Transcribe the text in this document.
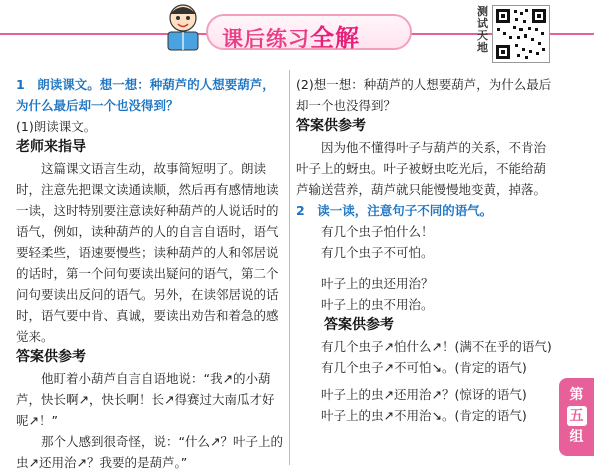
课后练习全解
测试天地

1　朗读课文。想一想：种葫芦的人想要葫芦，为什么最后却一个也没得到？

(1)朗读课文。

老师来指导

这篇课文语言生动，故事简短明了。朗读时，注意先把课文读通读顺，然后再有感情地读一读，这时特别要注意读好种葫芦的人说话时的语气，例如，读种葫芦的人的自言自语时，语气要轻柔些，语速要慢些；读种葫芦的人和邻居说的话时，第一个问句要读出疑问的语气，第二个问句要读出反问的语气。另外，在读邻居说的话时，语气要中肯、真诚，要读出劝告和着急的感觉来。

答案供参考

他盯着小葫芦自言自语地说：“我↗的小葫芦，快长啊↗，快长啊！长↗得赛过大南瓜才好呢↗！”

那个人感到很奇怪，说：“什么↗？叶子上的虫↗还用治↗？我要的是葫芦。”

(2)想一想：种葫芦的人想要葫芦，为什么最后却一个也没得到？

答案供参考

因为他不懂得叶子与葫芦的关系，不肯治叶子上的蚜虫。叶子被蚜虫吃光后，不能给葫芦输送营养，葫芦就只能慢慢地变黄，掉落。

2　读一读，注意句子不同的语气。

有几个虫子怕什么！

有几个虫子不可怕。

叶子上的虫还用治？

叶子上的虫不用治。

答案供参考

有几个虫子↗怕什么↗！(满不在乎的语气)

有几个虫子↗不可怕↘。(肯定的语气)

叶子上的虫↗还用治↗？(惊讶的语气)

叶子上的虫↗不用治↘。(肯定的语气)

第
五
组
